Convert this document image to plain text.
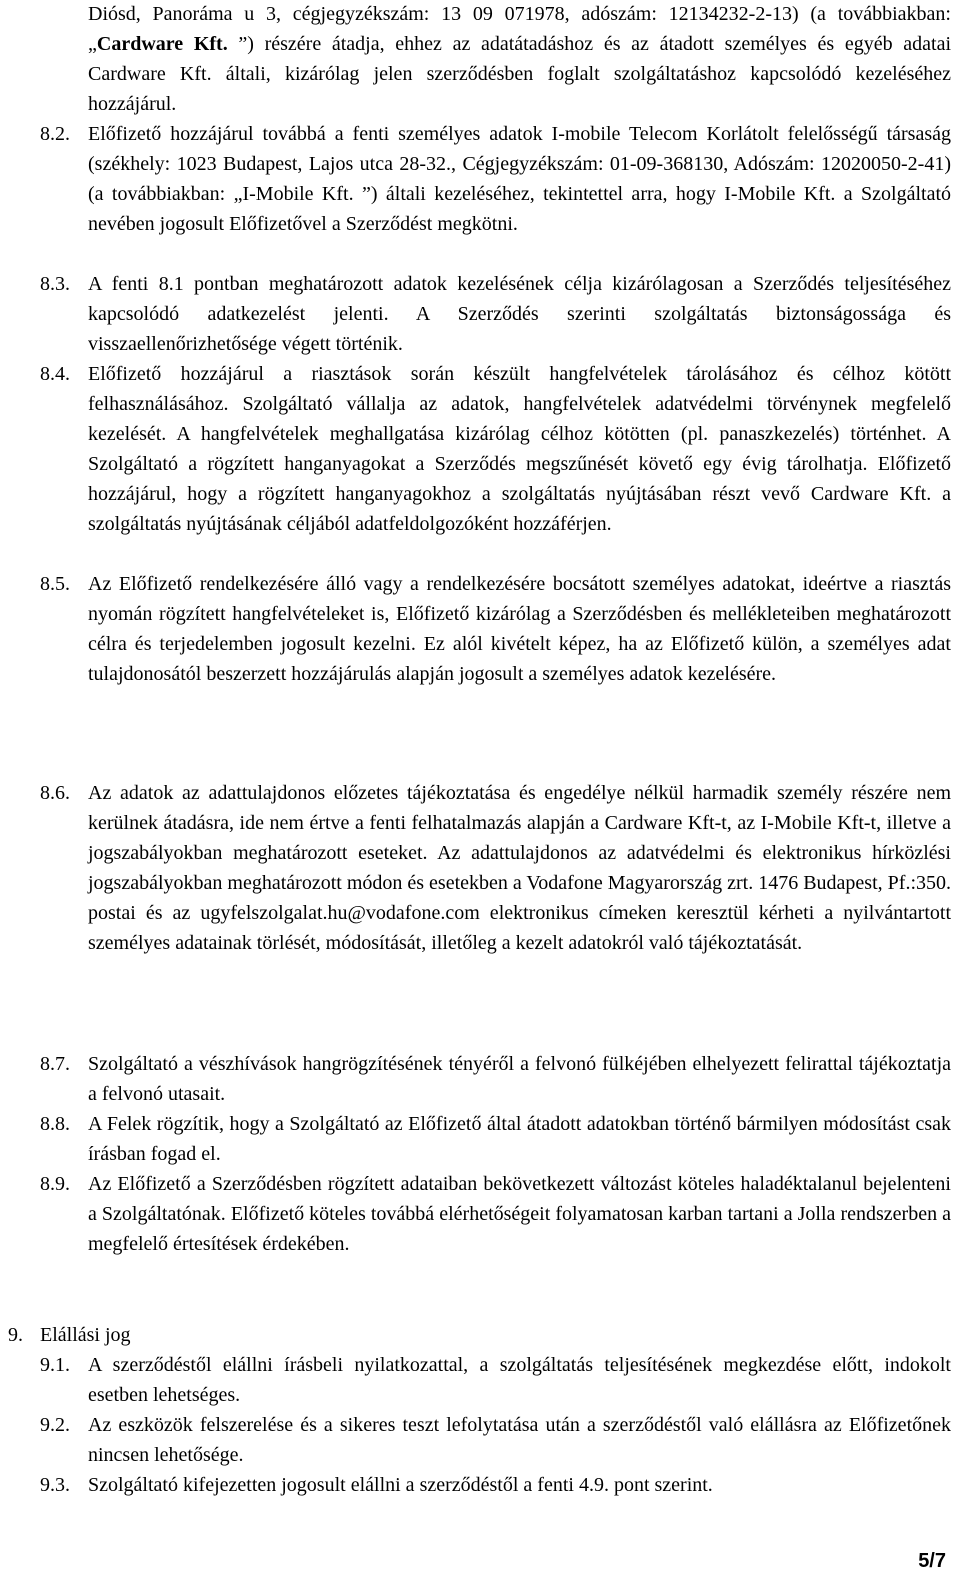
Diósd, Panoráma u 3, cégjegyzékszám: 13 09 071978, adószám: 12134232-2-13) (a továbbiakban: „Cardware Kft. ”) részére átadja, ehhez az adatátadáshoz és az átadott személyes és egyéb adatai Cardware Kft. általi, kizárólag jelen szerződésben foglalt szolgáltatáshoz kapcsolódó kezeléséhez hozzájárul.
8.2. Előfizető hozzájárul továbbá a fenti személyes adatok I-mobile Telecom Korlátolt felelősségű társaság (székhely: 1023 Budapest, Lajos utca 28-32., Cégjegyzékszám: 01-09-368130, Adószám: 12020050-2-41) (a továbbiakban: „I-Mobile Kft. ”) általi kezeléséhez, tekintettel arra, hogy I-Mobile Kft. a Szolgáltató nevében jogosult Előfizetővel a Szerződést megkötni.
8.3. A fenti 8.1 pontban meghatározott adatok kezelésének célja kizárólagosan a Szerződés teljesítéséhez kapcsolódó adatkezelést jelenti. A Szerződés szerinti szolgáltatás biztonságossága és visszaellenőrizhetősége végett történik.
8.4. Előfizető hozzájárul a riasztások során készült hangfelvételek tárolásához és célhoz kötött felhasználásához. Szolgáltató vállalja az adatok, hangfelvételek adatvédelmi törvénynek megfelelő kezelését. A hangfelvételek meghallgatása kizárólag célhoz kötötten (pl. panaszkezelés) történhet. A Szolgáltató a rögzített hanganyagokat a Szerződés megszűnését követő egy évig tárolhatja. Előfizető hozzájárul, hogy a rögzített hanganyagokhoz a szolgáltatás nyújtásában részt vevő Cardware Kft. a szolgáltatás nyújtásának céljából adatfeldolgozóként hozzáférjen.
8.5. Az Előfizető rendelkezésére álló vagy a rendelkezésére bocsátott személyes adatokat, ideértve a riasztás nyomán rögzített hangfelvételeket is, Előfizető kizárólag a Szerződésben és mellékleteiben meghatározott célra és terjedelemben jogosult kezelni. Ez alól kivételt képez, ha az Előfizető külön, a személyes adat tulajdonosától beszerzett hozzájárulás alapján jogosult a személyes adatok kezelésére.
8.6. Az adatok az adattulajdonos előzetes tájékoztatása és engedélye nélkül harmadik személy részére nem kerülnek átadásra, ide nem értve a fenti felhatalmazás alapján a Cardware Kft-t, az I-Mobile Kft-t, illetve a jogszabályokban meghatározott eseteket. Az adattulajdonos az adatvédelmi és elektronikus hírközlési jogszabályokban meghatározott módon és esetekben a Vodafone Magyarország zrt. 1476 Budapest, Pf.:350. postai és az ugyfelszolgalat.hu@vodafone.com elektronikus címeken keresztül kérheti a nyilvántartott személyes adatainak törlését, módosítását, illetőleg a kezelt adatokról való tájékoztatását.
8.7. Szolgáltató a vészhívások hangrögzítésének tényéről a felvonó fülkéjében elhelyezett felirattal tájékoztatja a felvonó utasait.
8.8. A Felek rögzítik, hogy a Szolgáltató az Előfizető által átadott adatokban történő bármilyen módosítást csak írásban fogad el.
8.9. Az Előfizető a Szerződésben rögzített adataiban bekövetkezett változást köteles haladéktalanul bejelenteni a Szolgáltatónak. Előfizető köteles továbbá elérhetőségeit folyamatosan karban tartani a Jolla rendszerben a megfelelő értesítések érdekében.
9. Elállási jog
9.1. A szerződéstől elállni írásbeli nyilatkozattal, a szolgáltatás teljesítésének megkezdése előtt, indokolt esetben lehetséges.
9.2. Az eszközök felszerelése és a sikeres teszt lefolytatása után a szerződéstől való elállásra az Előfizetőnek nincsen lehetősége.
9.3. Szolgáltató kifejezetten jogosult elállni a szerződéstől a fenti 4.9. pont szerint.
5/7
